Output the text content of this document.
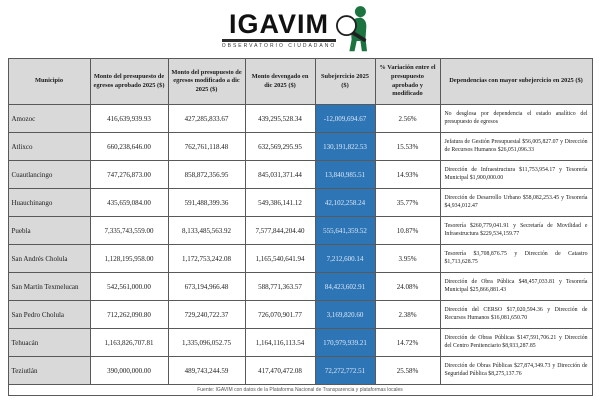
IGAVIM
OBSERVATORIO CIUDADANO
Municipio	Monto del presupuesto de egresos aprobado 2025 ($)	Monto del presupuesto de egresos modificado a dic 2025 ($)	Monto devengado en dic 2025 ($)	Subejercicio 2025 ($)	% Variación entre el presupuesto aprobado y modificado	Dependencias con mayor subejercicio en 2025 ($)
Amozoc	416,639,939.93	427,285,833.67	439,295,528.34	-12,009,694.67	2.56%	No desglosa por dependencia el estado analítico del presupuesto de egresos
Atlixco	660,238,646.00	762,761,118.48	632,569,295.95	130,191,822.53	15.53%	Jefatura de Gestión Presupuestal $56,005,827.07 y Dirección de Recursos Humanos $26,051,096.33
Cuautlancingo	747,276,873.00	858,872,356.95	845,031,371.44	13,840,985.51	14.93%	Dirección de Infraestructura $11,753,954.17 y Tesorería Municipal $1,900,000.00
Huauchinango	435,659,084.00	591,488,399.36	549,386,141.12	42,102,258.24	35.77%	Dirección de Desarrollo Urbano $58,082,253.45 y Tesorería $4,934,012.47
Puebla	7,335,743,559.00	8,133,485,563.92	7,577,844,204.40	555,641,359.52	10.87%	Tesorería $260,779,041.91 y Secretaría de Movilidad e Infraestructura $229,534,159.77
San Andrés Cholula	1,128,195,958.00	1,172,753,242.08	1,165,540,641.94	7,212,600.14	3.95%	Tesorería $3,708,876.75 y Dirección de Catastro $1,713,628.75
San Martín Texmelucan	542,561,000.00	673,194,966.48	588,771,363.57	84,423,602.91	24.08%	Dirección de Obra Pública $48,457,033.81 y Tesorería Municipal $25,866,881.43
San Pedro Cholula	712,262,090.80	729,240,722.37	726,070,901.77	3,169,820.60	2.38%	Dirección del CERSO $17,020,594.36 y Dirección de Recursos Humanos $16,081,650.70
Tehuacán	1,163,826,707.81	1,335,096,052.75	1,164,116,113.54	170,979,939.21	14.72%	Dirección de Obras Públicas $147,591,706.21 y Dirección del Centro Penitenciario $8,933,287.85
Teziutlán	390,000,000.00	489,743,244.59	417,470,472.08	72,272,772.51	25.58%	Dirección de Obras Públicas $27,874,349.73 y Dirección de Seguridad Pública $8,275,137.76
Fuente: IGAVIM con datos de la Plataforma Nacional de Transparencia y plataformas locales						
